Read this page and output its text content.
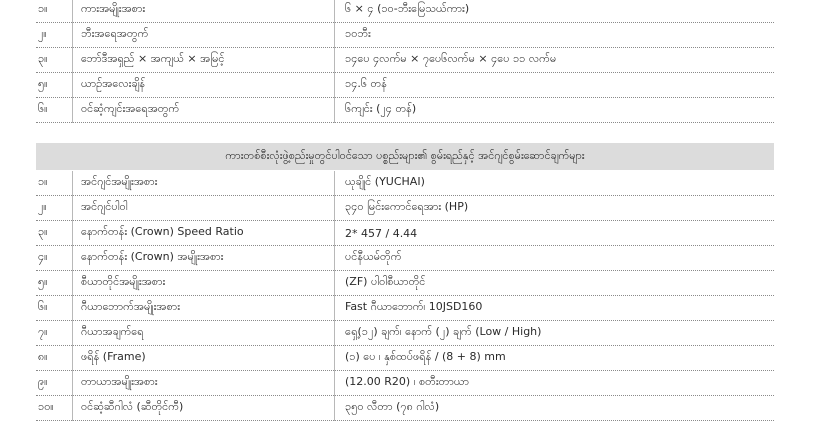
၁။	ကားအမျိုးအစား	၆ × ၄ (၁၀-ဘီးမြေသယ်ကား)
၂။	ဘီးအရေအတွက်	၁၀ဘီး
၃။	ဘော်ဒီအရှည် × အကျယ် × အမြင့်	၁၄ပေ ၄လက်မ × ၇ပေ၆လက်မ × ၄ပေ ၁၁ လက်မ
၅။	ယာဉ်အလေးချိန်	၁၄.၆ တန်
၆။	ဝင်ဆံ့ကျင်းအရေအတွက်	၆ကျင်း (၂၄ တန်)
ကားတစ်စီးလုံးဖွဲ့စည်းမှုတွင်ပါဝင်သော ပစ္စည်းများ၏ စွမ်းရည်နှင့် အင်ဂျင်စွမ်းဆောင်ချက်များ
၁။	အင်ဂျင်အမျိုးအစား	ယုချိုင် (YUCHAI)
၂။	အင်ဂျင်ပါဝါ	၃၄၀ မြင်းကောင်ရေအား (HP)
၃။	နောက်တန်း (Crown) Speed Ratio	2* 457 / 4.44
၄။	နောက်တန်း (Crown) အမျိုးအစား	ပင်နီယမ်တိုက်
၅။	စီယာတိုင်အမျိုးအစား	(ZF) ပါဝါစီယာတိုင်
၆။	ဂီယာဘောက်အမျိုးအစား	Fast ဂီယာဘောက်၊ 10JSD160
၇။	ဂီယာအချက်ရေ	ရှေ့(၁၂) ချက်၊ နောက် (၂) ချက် (Low / High)
၈။	ဖရိန် (Frame)	(၁) ပေ ၊ နှစ်ထပ်ဖရိန် / (8 + 8) mm
၉။	တာယာအမျိုးအစား	(12.00 R20) ၊ စတီးတာယာ
၁၀။	ဝင်ဆံ့ဆီဂါလံ (ဆီတိုင်ကီ)	၃၅၀ လီတာ (၇၈ ဂါလံ)
